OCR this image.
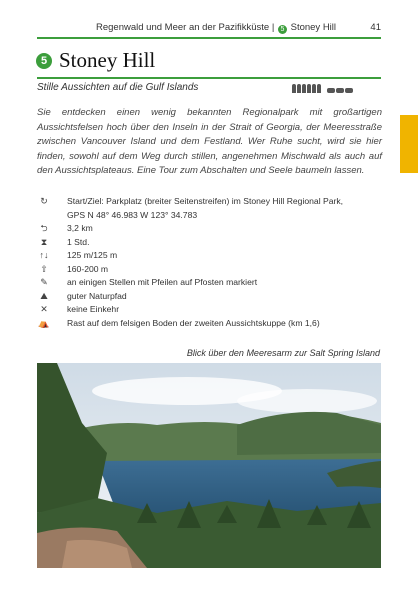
Regenwald und Meer an der Pazifikküste | 5 Stoney Hill	41
5 Stoney Hill
Stille Aussichten auf die Gulf Islands

Sie entdecken einen wenig bekannten Regionalpark mit großartigen Aussichtsfelsen hoch über den Inseln in der Strait of Georgia, der Meeresstraße zwischen Vancouver Island und dem Festland. Wer Ruhe sucht, wird sie hier finden, sowohl auf dem Weg durch stillen, angenehmen Mischwald als auch auf den Aussichtsplateaus. Eine Tour zum Abschalten und Seele baumeln lassen.

↻	Start/Ziel: Parkplatz (breiter Seitenstreifen) im Stoney Hill Regional Park,
GPS N 48° 46.983 W 123° 34.783
⮌	3,2 km
⧗	1 Std.
↑↓ 125 m/125 m
⇧	160-200 m
✎	an einigen Stellen mit Pfeilen auf Pfosten markiert
⛰	guter Naturpfad
✕	keine Einkehr
⛺ Rast auf dem felsigen Boden der zweiten Aussichtskuppe (km 1,6)
Blick über den Meeresarm zur Salt Spring Island
